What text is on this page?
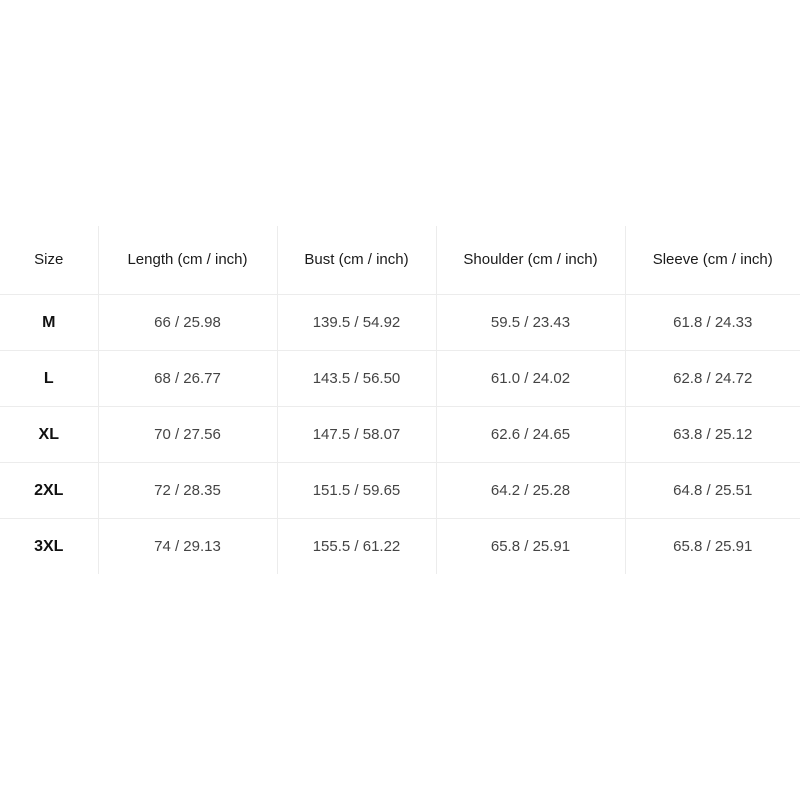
Size	Length (cm / inch)	Bust (cm / inch)	Shoulder (cm / inch)	Sleeve (cm / inch)
M	66 / 25.98	139.5 / 54.92	59.5 / 23.43	61.8 / 24.33
L	68 / 26.77	143.5 / 56.50	61.0 / 24.02	62.8 / 24.72
XL	70 / 27.56	147.5 / 58.07	62.6 / 24.65	63.8 / 25.12
2XL	72 / 28.35	151.5 / 59.65	64.2 / 25.28	64.8 / 25.51
3XL	74 / 29.13	155.5 / 61.22	65.8 / 25.91	65.8 / 25.91
